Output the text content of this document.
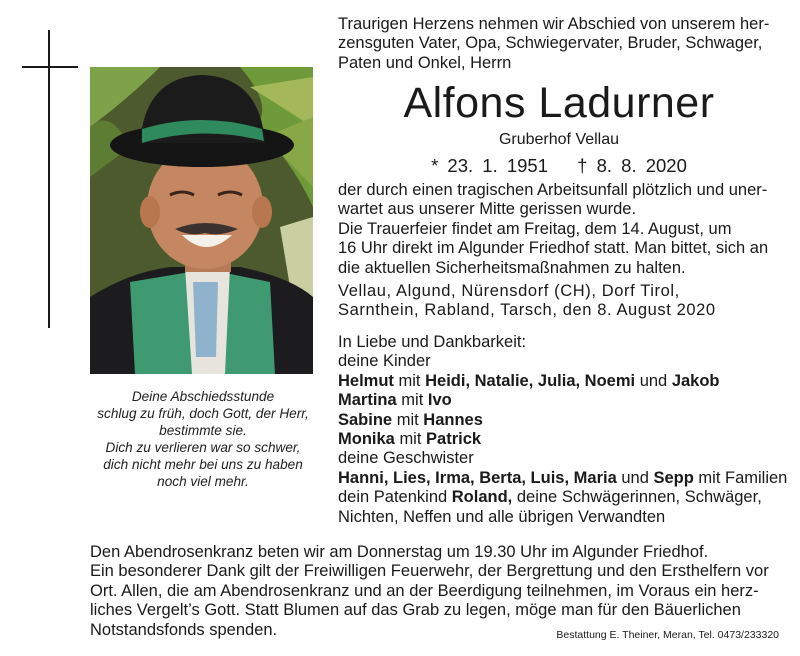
Deine Abschiedsstunde
schlug zu früh, doch Gott, der Herr,
bestimmte sie.
Dich zu verlieren war so schwer,
dich nicht mehr bei uns zu haben
noch viel mehr.
Traurigen Herzens nehmen wir Abschied von unserem her-
zensguten Vater, Opa, Schwiegervater, Bruder, Schwager,
Paten und Onkel, Herrn
Alfons Ladurner
Gruberhof Vellau
* 23. 1. 1951 † 8. 8. 2020
der durch einen tragischen Arbeitsunfall plötzlich und uner-
wartet aus unserer Mitte gerissen wurde.
Die Trauerfeier findet am Freitag, dem 14. August, um
16 Uhr direkt im Algunder Friedhof statt. Man bittet, sich an
die aktuellen Sicherheitsmaßnahmen zu halten.
Vellau, Algund, Nürensdorf (CH), Dorf Tirol,
Sarnthein, Rabland, Tarsch, den 8. August 2020
In Liebe und Dankbarkeit:
deine Kinder
Helmut mit Heidi, Natalie, Julia, Noemi und Jakob
Martina mit Ivo
Sabine mit Hannes
Monika mit Patrick
deine Geschwister
Hanni, Lies, Irma, Berta, Luis, Maria und Sepp mit Familien
dein Patenkind Roland, deine Schwägerinnen, Schwäger,
Nichten, Neffen und alle übrigen Verwandten
Den Abendrosenkranz beten wir am Donnerstag um 19.30 Uhr im Algunder Friedhof.
Ein besonderer Dank gilt der Freiwilligen Feuerwehr, der Bergrettung und den Ersthelfern vor
Ort. Allen, die am Abendrosenkranz und an der Beerdigung teilnehmen, im Voraus ein herz-
liches Vergelt’s Gott. Statt Blumen auf das Grab zu legen, möge man für den Bäuerlichen
Notstandsfonds spenden.	Bestattung E. Theiner, Meran, Tel. 0473/233320
